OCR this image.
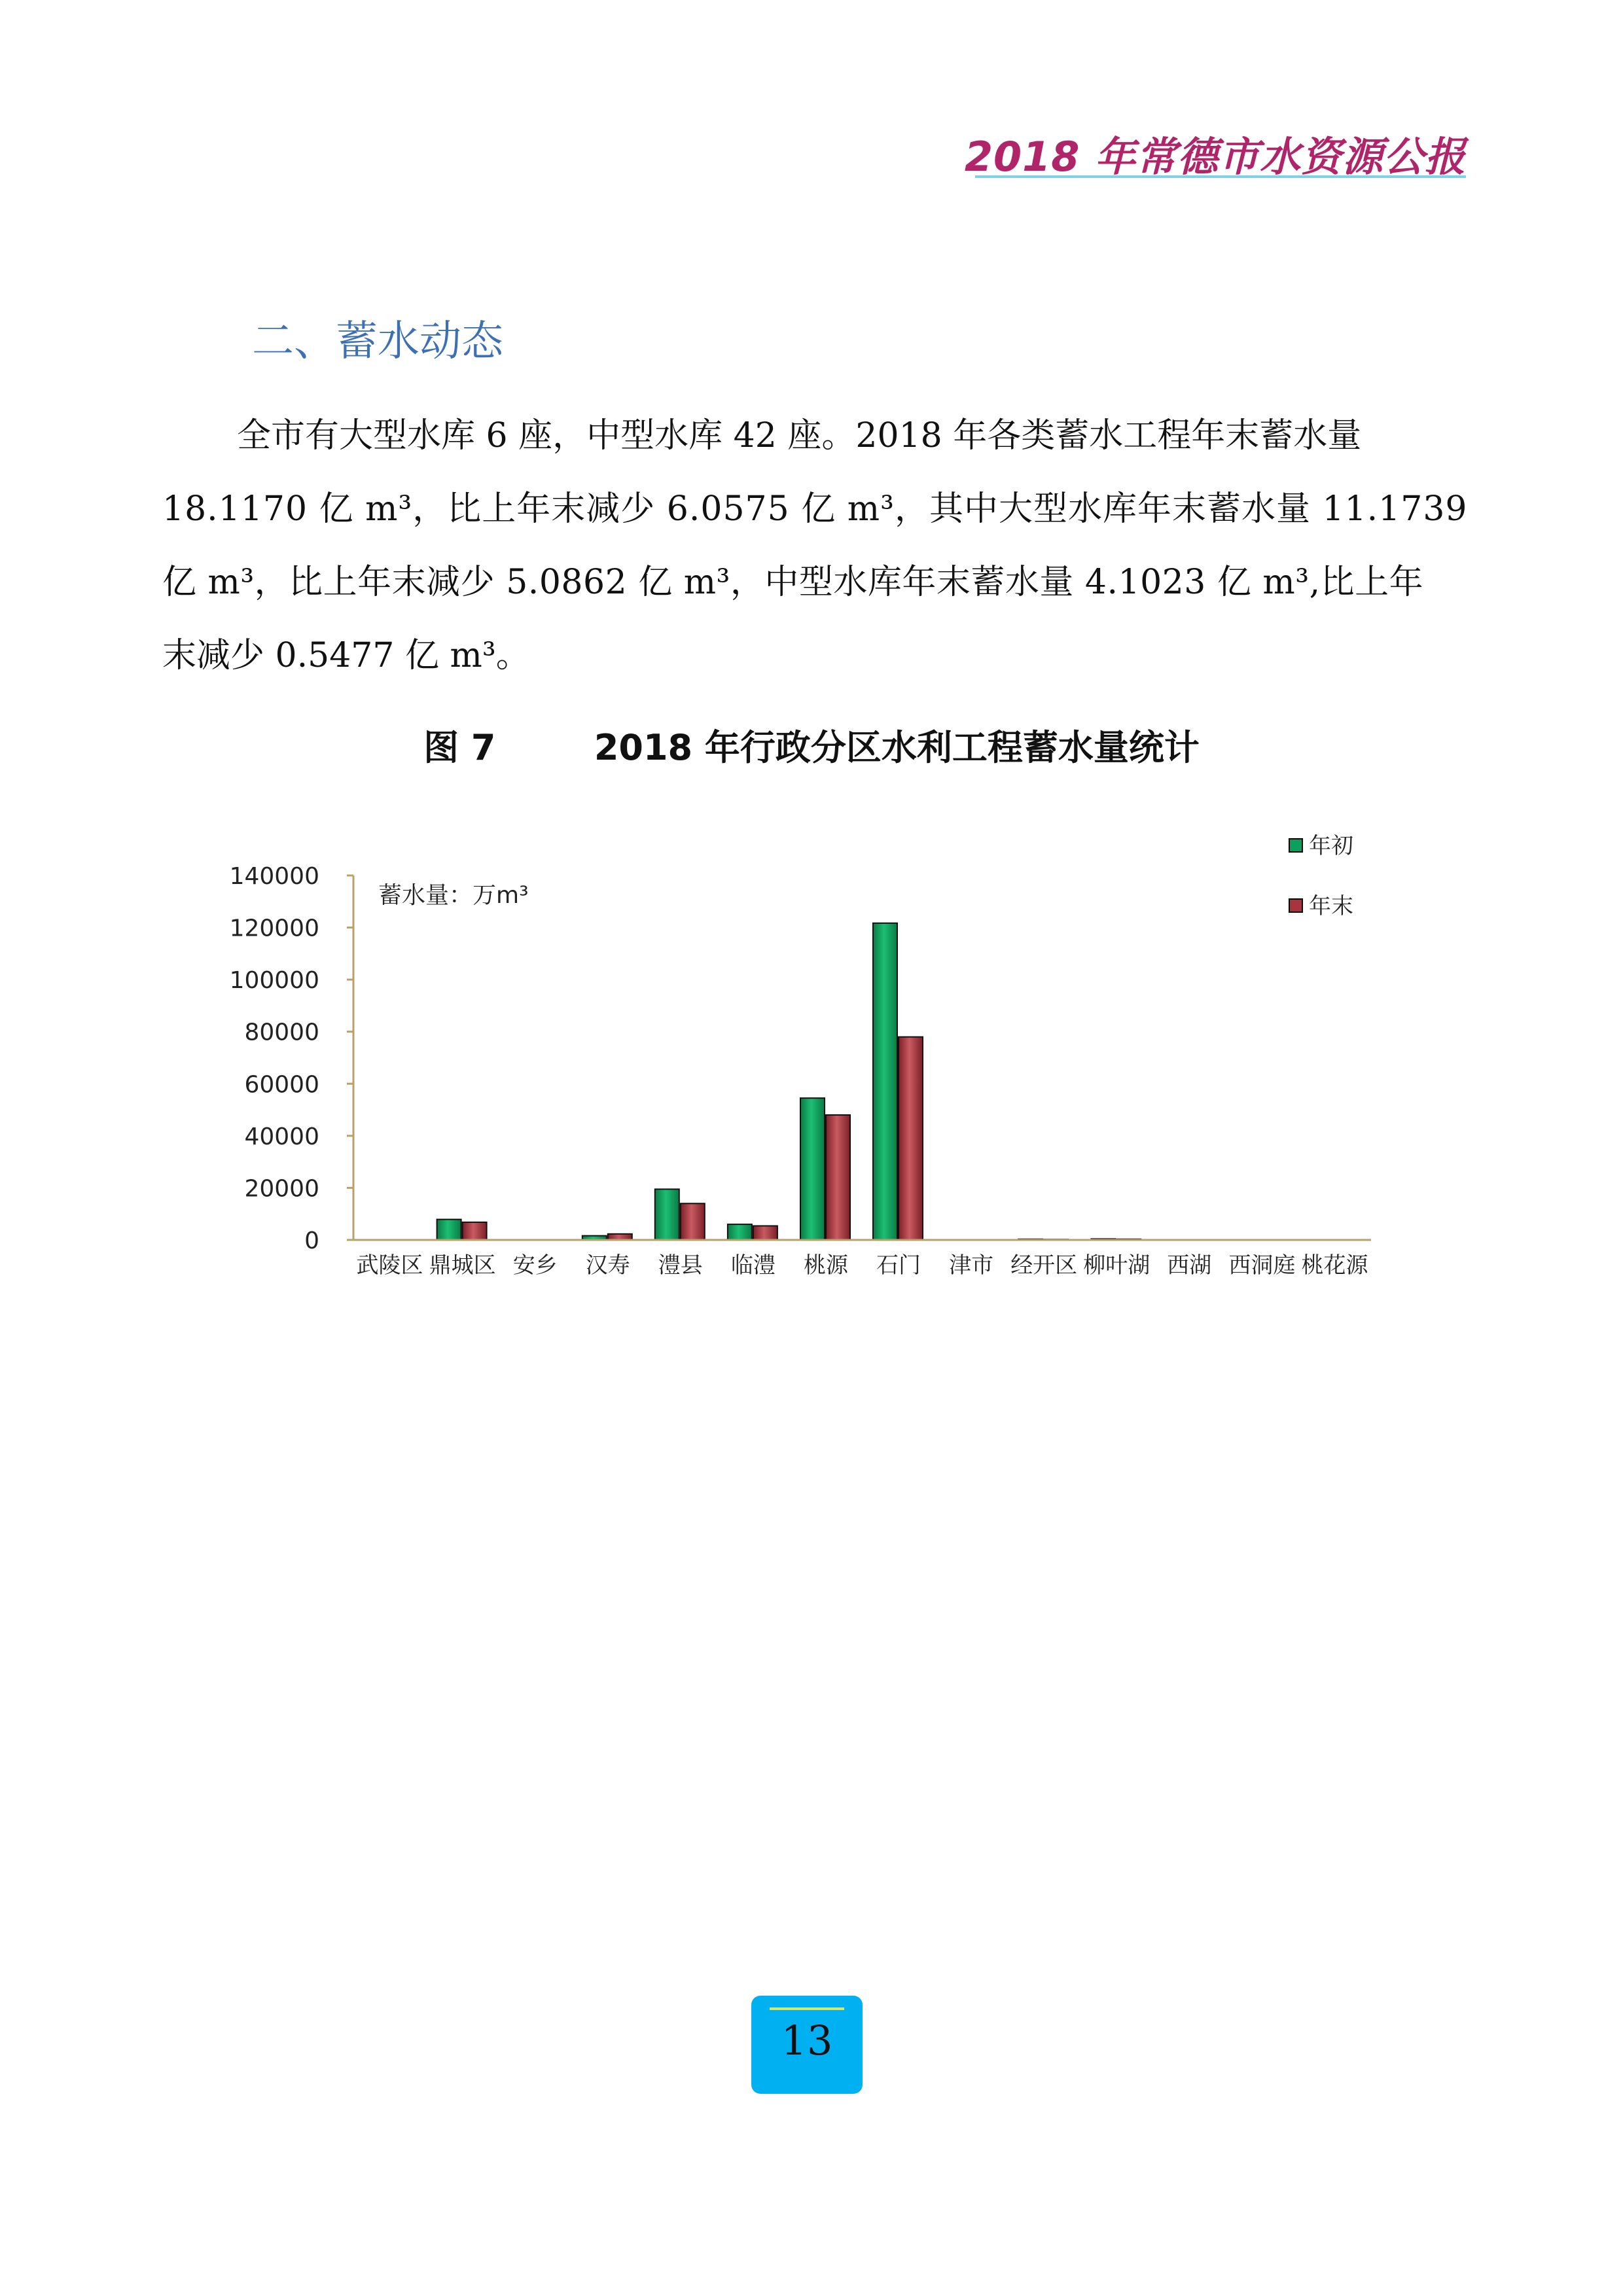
2018 年常德市水资源公报
二、蓄水动态
全市有大型水库 6 座，中型水库 42 座。2018 年各类蓄水工程年末蓄水量
18.1170 亿 m³，比上年末减少 6.0575 亿 m³，其中大型水库年末蓄水量 11.1739
亿 m³，比上年末减少 5.0862 亿 m³，中型水库年末蓄水量 4.1023 亿 m³,比上年
末减少 0.5477 亿 m³。
图 7        2018 年行政分区水利工程蓄水量统计
0
20000
40000
60000
80000
100000
120000
140000
武陵区 鼎城区 安乡 汉寿 澧县 临澧 桃源 石门 津市 经开区 柳叶湖 西湖 西洞庭 桃花源
蓄水量：万m³
年初
年末
13
